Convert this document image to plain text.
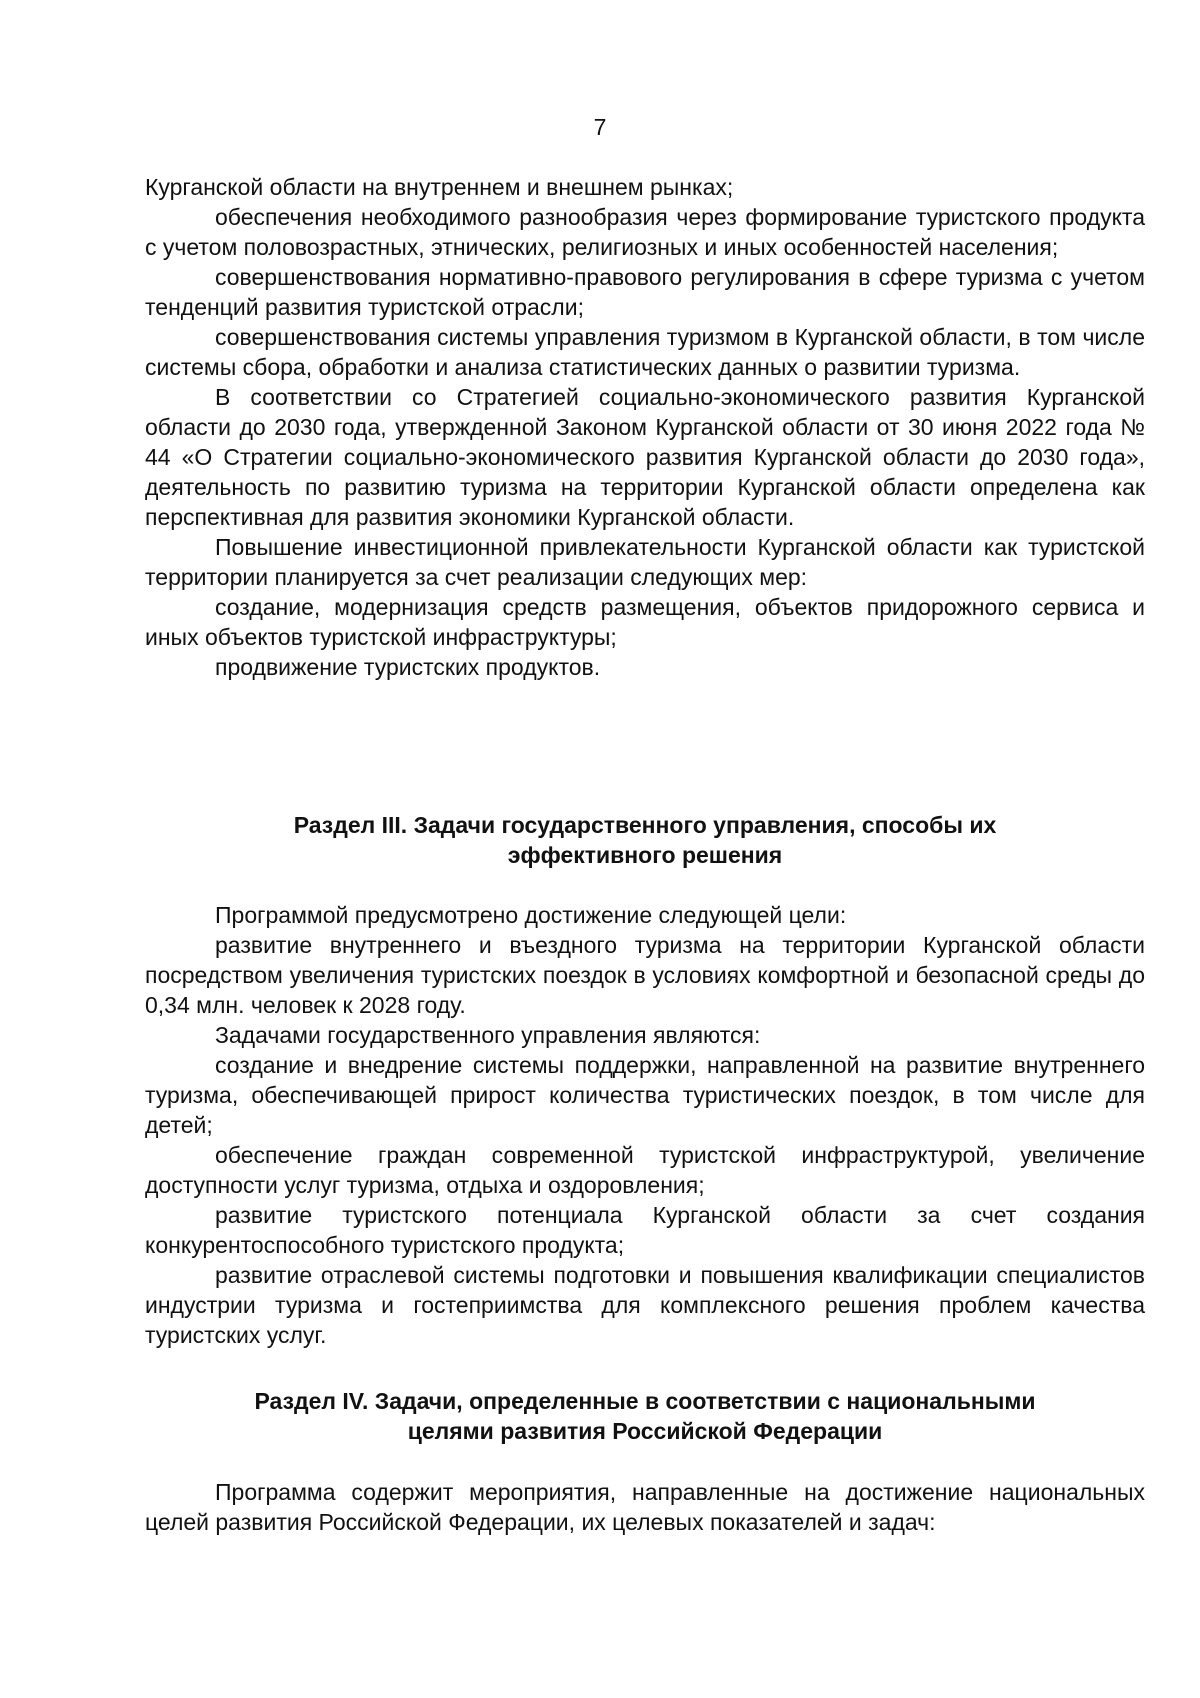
7

Курганской области на внутреннем и внешнем рынках;

обеспечения необходимого разнообразия через формирование туристского продукта с учетом половозрастных, этнических, религиозных и иных особенностей населения;

совершенствования нормативно-правового регулирования в сфере туризма с учетом тенденций развития туристской отрасли;

совершенствования системы управления туризмом в Курганской области, в том числе системы сбора, обработки и анализа статистических данных о развитии туризма.

В соответствии со Стратегией социально-экономического развития Курганской области до 2030 года, утвержденной Законом Курганской области от 30 июня 2022 года № 44 «О Стратегии социально-экономического развития Курганской области до 2030 года», деятельность по развитию туризма на территории Курганской области определена как перспективная для развития экономики Курганской области.

Повышение инвестиционной привлекательности Курганской области как туристской территории планируется за счет реализации следующих мер:

создание, модернизация средств размещения, объектов придорожного сервиса и иных объектов туристской инфраструктуры;

продвижение туристских продуктов.

Раздел III. Задачи государственного управления, способы их
эффективного решения

Программой предусмотрено достижение следующей цели:

развитие внутреннего и въездного туризма на территории Курганской области посредством увеличения туристских поездок в условиях комфортной и безопасной среды до 0,34 млн. человек к 2028 году.

Задачами государственного управления являются:

создание и внедрение системы поддержки, направленной на развитие внутреннего туризма, обеспечивающей прирост количества туристических поездок, в том числе для детей;

обеспечение граждан современной туристской инфраструктурой, увеличение доступности услуг туризма, отдыха и оздоровления;

развитие туристского потенциала Курганской области за счет создания конкурентоспособного туристского продукта;

развитие отраслевой системы подготовки и повышения квалификации специалистов индустрии туризма и гостеприимства для комплексного решения проблем качества туристских услуг.

Раздел IV. Задачи, определенные в соответствии с национальными
целями развития Российской Федерации

Программа содержит мероприятия, направленные на достижение национальных целей развития Российской Федерации, их целевых показателей и задач:
